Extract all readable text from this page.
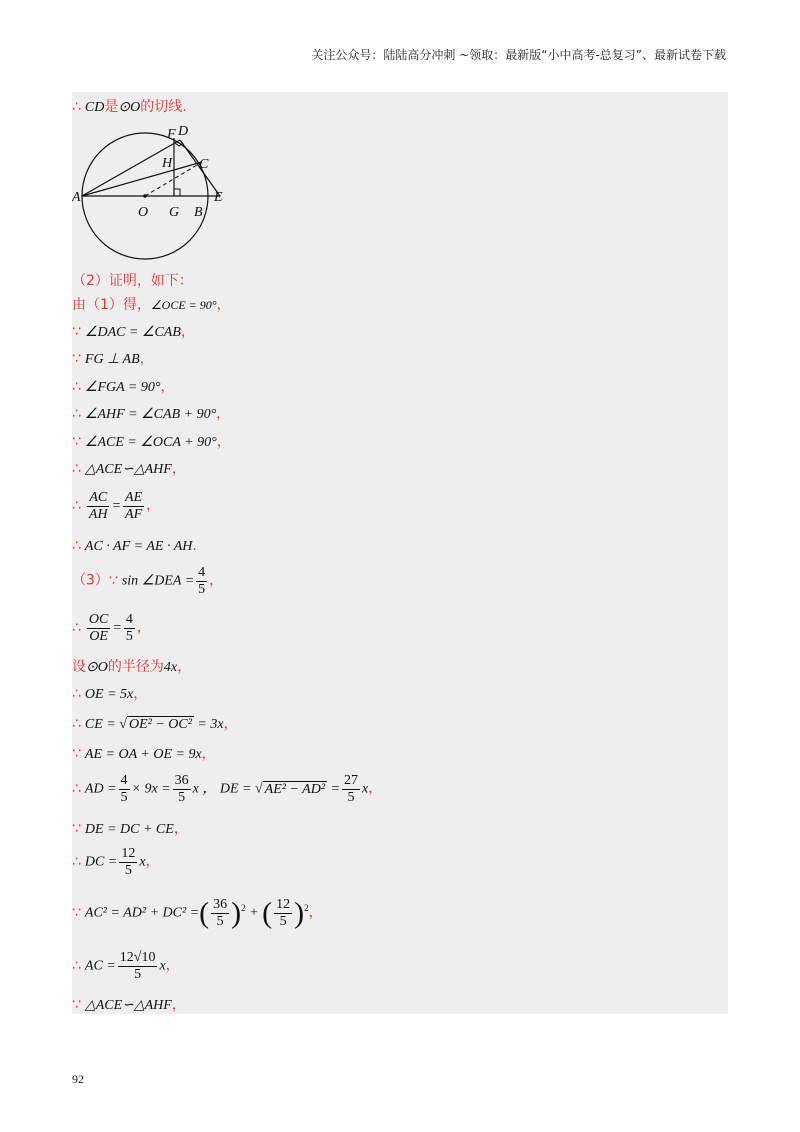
关注公众号：陆陆高分冲刺 ~领取：最新版“小中高考-总复习”、最新试卷下载
∴ CD是⊙O的切线.
A
O G B
E
C
H
F D
（2）证明，如下：
由（1）得，∠OCE = 90°，
∵ ∠DAC = ∠CAB，
∵ FG ⊥ AB，
∴ ∠FGA = 90°，
∴ ∠AHF = ∠CAB + 90°，
∵ ∠ACE = ∠OCA + 90°，
∴ △ACE∽△AHF，
∴ $\frac{AC}{AH} = \frac{AE}{AF}$ ，
∴ AC · AF = AE · AH.
（3）∵ sin ∠DEA = $\frac{4}{5}$ ，
∴ $\frac{OC}{OE} = \frac{4}{5}$ ，
设⊙O的半径为4x，
∴ OE = 5x，
∴ CE = √ OE² − OC² = 3x，
∵ AE = OA + OE = 9x，
∴ AD = $\frac{4}{5} \times 9x = \frac{36}{5}$ x ， DE = √ $AE^2 - AD^2 = \frac{27}{5}$ x，
∵ DE = DC + CE，
∴ DC = $\frac{12}{5}$ x，
∵ AC² = AD² + DC² =( $\frac{36}{5} )^2$ + ( $\frac{12}{5} )^2$，
∴ AC = $\frac{12√10}{5}$ x，
∵ △ACE∽△AHF，
92
